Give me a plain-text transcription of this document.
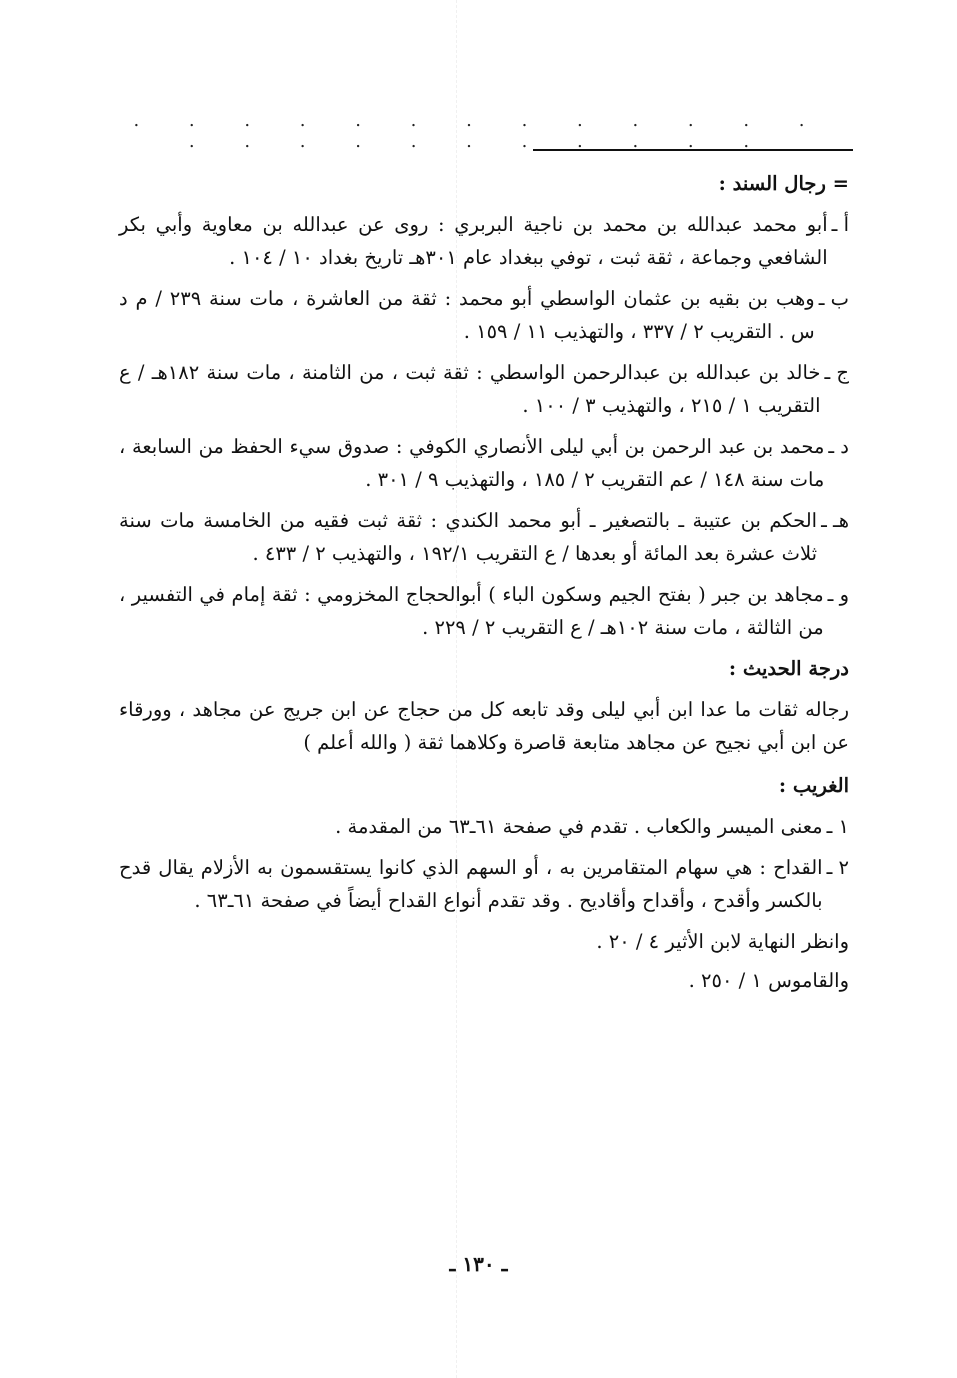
. . . . . . . . . . . . . . . . . . . . . . . .
= رجال السند :
أ ـ
أبو محمد عبدالله بن محمد بن ناجية البربري : روى عن عبدالله بن معاوية وأبي بكر الشافعي وجماعة ، ثقة ثبت ، توفي ببغداد عام ٣٠١هـ تاريخ بغداد ١٠ / ١٠٤ .
ب ـ
وهب بن بقيه بن عثمان الواسطي أبو محمد : ثقة من العاشرة ، مات سنة ٢٣٩ / م د س . التقريب ٢ / ٣٣٧ ، والتهذيب ١١ / ١٥٩ .
ج ـ
خالد بن عبدالله بن عبدالرحمن الواسطي : ثقة ثبت ، من الثامنة ، مات سنة ١٨٢هـ / ع التقريب ١ / ٢١٥ ، والتهذيب ٣ / ١٠٠ .
د ـ
محمد بن عبد الرحمن بن أبي ليلى الأنصاري الكوفي : صدوق سيء الحفظ من السابعة ، مات سنة ١٤٨ / عم التقريب ٢ / ١٨٥ ، والتهذيب ٩ / ٣٠١ .
هـ ـ
الحكم بن عتيبة ـ بالتصغير ـ أبو محمد الكندي : ثقة ثبت فقيه من الخامسة مات سنة ثلاث عشرة بعد المائة أو بعدها / ع التقريب ١٩٢/١ ، والتهذيب ٢ / ٤٣٣ .
و ـ
مجاهد بن جبر ( بفتح الجيم وسكون الباء ) أبوالحجاج المخزومي : ثقة إمام في التفسير ، من الثالثة ، مات سنة ١٠٢هـ / ع التقريب ٢ / ٢٢٩ .
درجة الحديث :
رجاله ثقات ما عدا ابن أبي ليلى وقد تابعه كل من حجاج عن ابن جريج عن مجاهد ، وورقاء عن ابن أبي نجيح عن مجاهد متابعة قاصرة وكلاهما ثقة ( والله أعلم )
الغريب :
١ ـ
معنى الميسر والكعاب . تقدم في صفحة ٦١ـ٦٣ من المقدمة .
٢ ـ
القداح : هي سهام المتقامرين به ، أو السهم الذي كانوا يستقسمون به الأزلام يقال قدح بالكسر وأقدح ، وأقداح وأقاديح . وقد تقدم أنواع القداح أيضاً في صفحة ٦١ـ٦٣ .
وانظر النهاية لابن الأثير ٤ / ٢٠ .
والقاموس ١ / ٢٥٠ .
ـ ١٣٠ ـ
